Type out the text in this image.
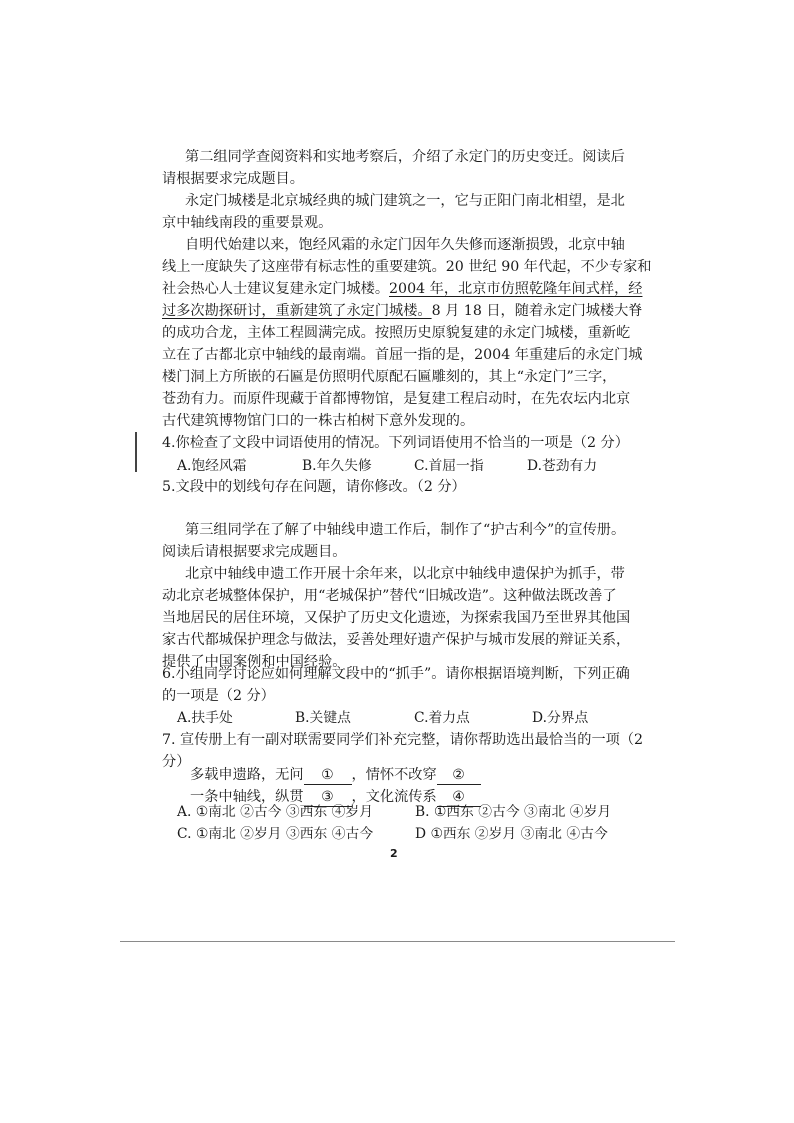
第二组同学查阅资料和实地考察后，介绍了永定门的历史变迁。阅读后
请根据要求完成题目。
永定门城楼是北京城经典的城门建筑之一，它与正阳门南北相望，是北
京中轴线南段的重要景观。
自明代始建以来，饱经风霜的永定门因年久失修而逐渐损毁，北京中轴
线上一度缺失了这座带有标志性的重要建筑。20 世纪 90 年代起，不少专家和
社会热心人士建议复建永定门城楼。2004 年，北京市仿照乾隆年间式样，经
过多次勘探研讨，重新建筑了永定门城楼。8 月 18 日，随着永定门城楼大脊
的成功合龙，主体工程圆满完成。按照历史原貌复建的永定门城楼，重新屹
立在了古都北京中轴线的最南端。首屈一指的是，2004 年重建后的永定门城
楼门洞上方所嵌的石匾是仿照明代原配石匾雕刻的，其上“永定门”三字，
苍劲有力。而原件现藏于首都博物馆，是复建工程启动时，在先农坛内北京
古代建筑博物馆门口的一株古柏树下意外发现的。
4.你检查了文段中词语使用的情况。下列词语使用不恰当的一项是（2 分）
A.饱经风霜	B.年久失修	C.首屈一指	D.苍劲有力
5.文段中的划线句存在问题，请你修改。（2 分）
第三组同学在了解了中轴线申遗工作后，制作了“护古利今”的宣传册。
阅读后请根据要求完成题目。
北京中轴线申遗工作开展十余年来，以北京中轴线申遗保护为抓手，带
动北京老城整体保护，用“老城保护”替代“旧城改造”。这种做法既改善了
当地居民的居住环境，又保护了历史文化遗迹，为探索我国乃至世界其他国
家古代都城保护理念与做法，妥善处理好遗产保护与城市发展的辩证关系，
提供了中国案例和中国经验。
6.小组同学讨论应如何理解文段中的“抓手”。请你根据语境判断，下列正确
的一项是（2 分）
A.扶手处	B.关键点	C.着力点	D.分界点
7. 宣传册上有一副对联需要同学们补充完整，请你帮助选出最恰当的一项（2
分）
多载申遗路，无问 ① ，情怀不改穿 ②
一条中轴线，纵贯 ③ ，文化流传系 ④
A. ①南北 ②古今 ③西东 ④岁月	B. ①西东 ②古今 ③南北 ④岁月
C. ①南北 ②岁月 ③西东 ④古今	D ①西东 ②岁月 ③南北 ④古今
2
